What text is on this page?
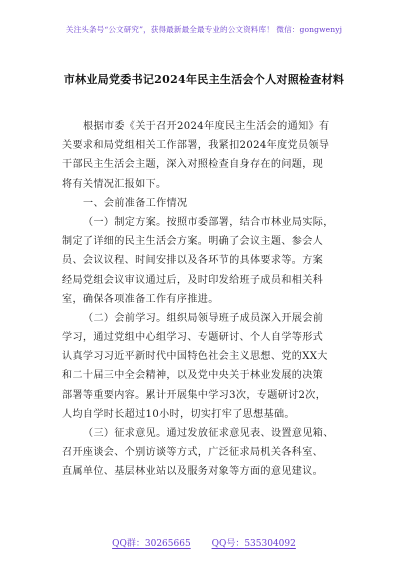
关注头条号“公文研究”，获得最新最全最专业的公文资料库！ 微信：gongwenyj
市林业局党委书记2024年民主生活会个人对照检查材料
根据市委《关于召开2024年度民主生活会的通知》有
关要求和局党组相关工作部署，我紧扣2024年度党员领导
干部民主生活会主题，深入对照检查自身存在的问题，现
将有关情况汇报如下。
一、会前准备工作情况
（一）制定方案。按照市委部署，结合市林业局实际，
制定了详细的民主生活会方案。明确了会议主题、参会人
员、会议议程、时间安排以及各环节的具体要求等。方案
经局党组会议审议通过后，及时印发给班子成员和相关科
室，确保各项准备工作有序推进。
（二）会前学习。组织局领导班子成员深入开展会前
学习，通过党组中心组学习、专题研讨、个人自学等形式
认真学习习近平新时代中国特色社会主义思想、党的XX大
和二十届三中全会精神，以及党中央关于林业发展的决策
部署等重要内容。累计开展集中学习3次，专题研讨2次，
人均自学时长超过10小时，切实打牢了思想基础。
（三）征求意见。通过发放征求意见表、设置意见箱、
召开座谈会、个别访谈等方式，广泛征求局机关各科室、
直属单位、基层林业站以及服务对象等方面的意见建议。
QQ群：30265665 QQ号：535304092
